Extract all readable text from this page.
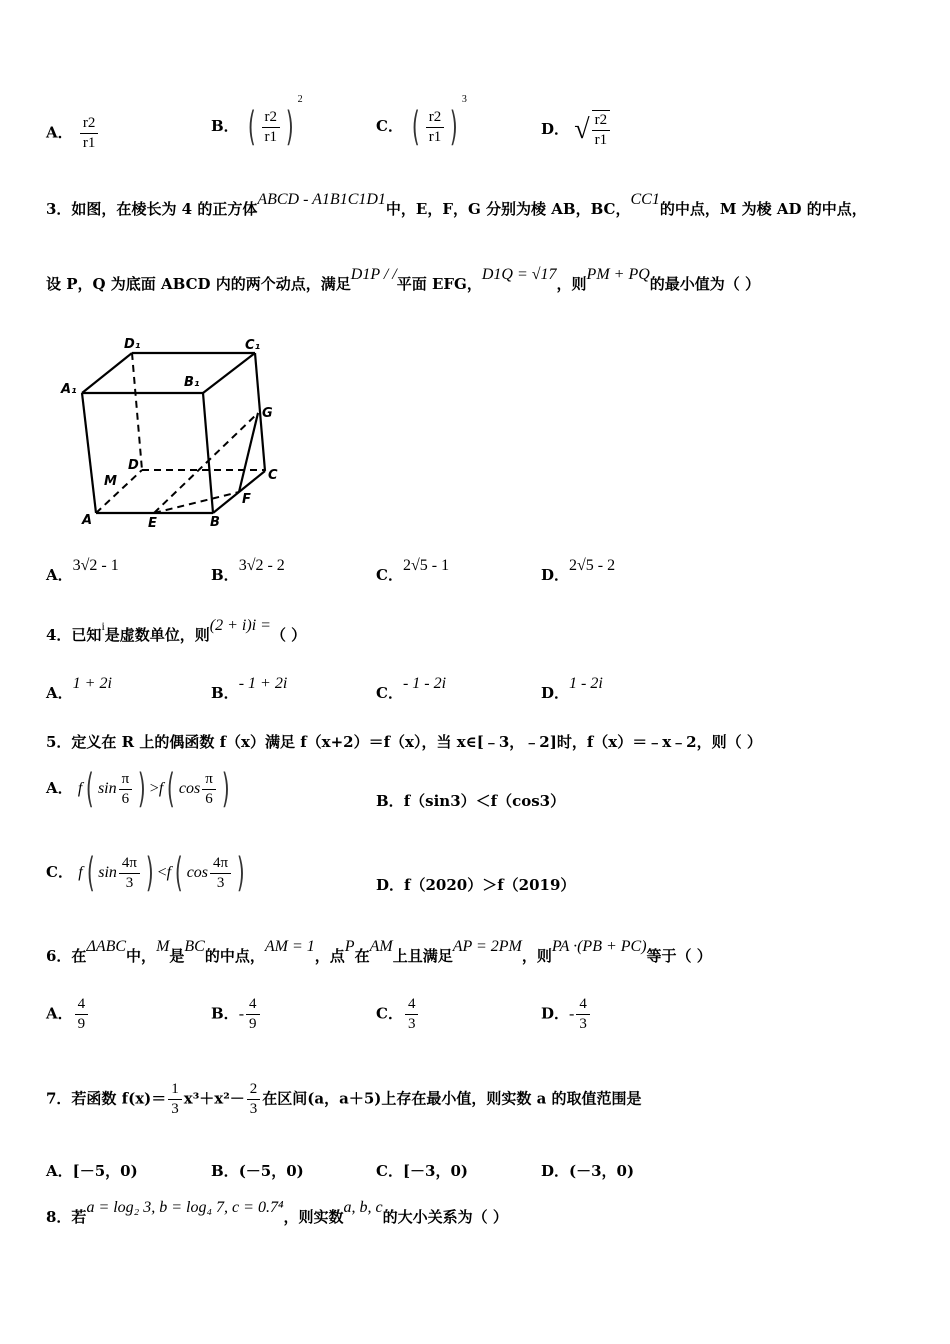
A． $\frac{r2}{r1}$	B． ( $\frac{r2}{r1} )^2$
C． ( $\frac{r2}{r1} )^3$
D． √ $\frac{r2}{r1}$
3．如图，在棱长为 4 的正方体ABCD - A1B1C1D1中，E，F，G 分别为棱 AB，BC，CC1的中点，M 为棱 AD 的中点，
设 P，Q 为底面 ABCD 内的两个动点，满足D1P / /平面 EFG，D1Q = √17，则PM + PQ的最小值为（ ）
D₁	C₁
A₁	B₁
G
D
C
M
F
A	E	B
A．3√2 - 1
B．3√2 - 2
C．2√5 - 1
D．2√5 - 2
4．已知$^i$是虚数单位，则(2 + i)i =（ ）
A．1 + 2i
B．- 1 + 2i
C．- 1 - 2i
D．1 - 2i
5．定义在 R 上的偶函数 f（x）满足 f（x+2）＝f（x），当 x∈[﹣3，﹣2]时，f（x）＝﹣x﹣2，则（ ）
A． f( $\sin \frac{\pi}{6}$ ) >f( $\cos \frac{\pi}{6}$ )	B．f（sin3）＜f（cos3）
C． f( $\sin \frac{4\pi}{3}$ ) <f( $\cos \frac{4\pi}{3}$ )	D．f（2020）＞f（2019）
6．在ΔABC中，M是BC的中点，AM = 1，点P在AM上且满足AP = 2PM，则PA ·(PB + PC)等于（ ）
A． $\frac{4}{9}$	B．- $\frac{4}{9}$	C． $\frac{4}{3}$	D．- $\frac{4}{3}$
7．若函数 $f(x)= \frac{1}{3} x^3+x^2- \frac{2}{3}$ 在区间(a，a＋5)上存在最小值，则实数 a 的取值范围是
A．[－5，0)	B．(－5，0)	C．[－3，0)	D．(－3，0)
8．若a = log₂ 3, b = log₄ 7, c = 0.7⁴，则实数a, b, c的大小关系为（ ）
